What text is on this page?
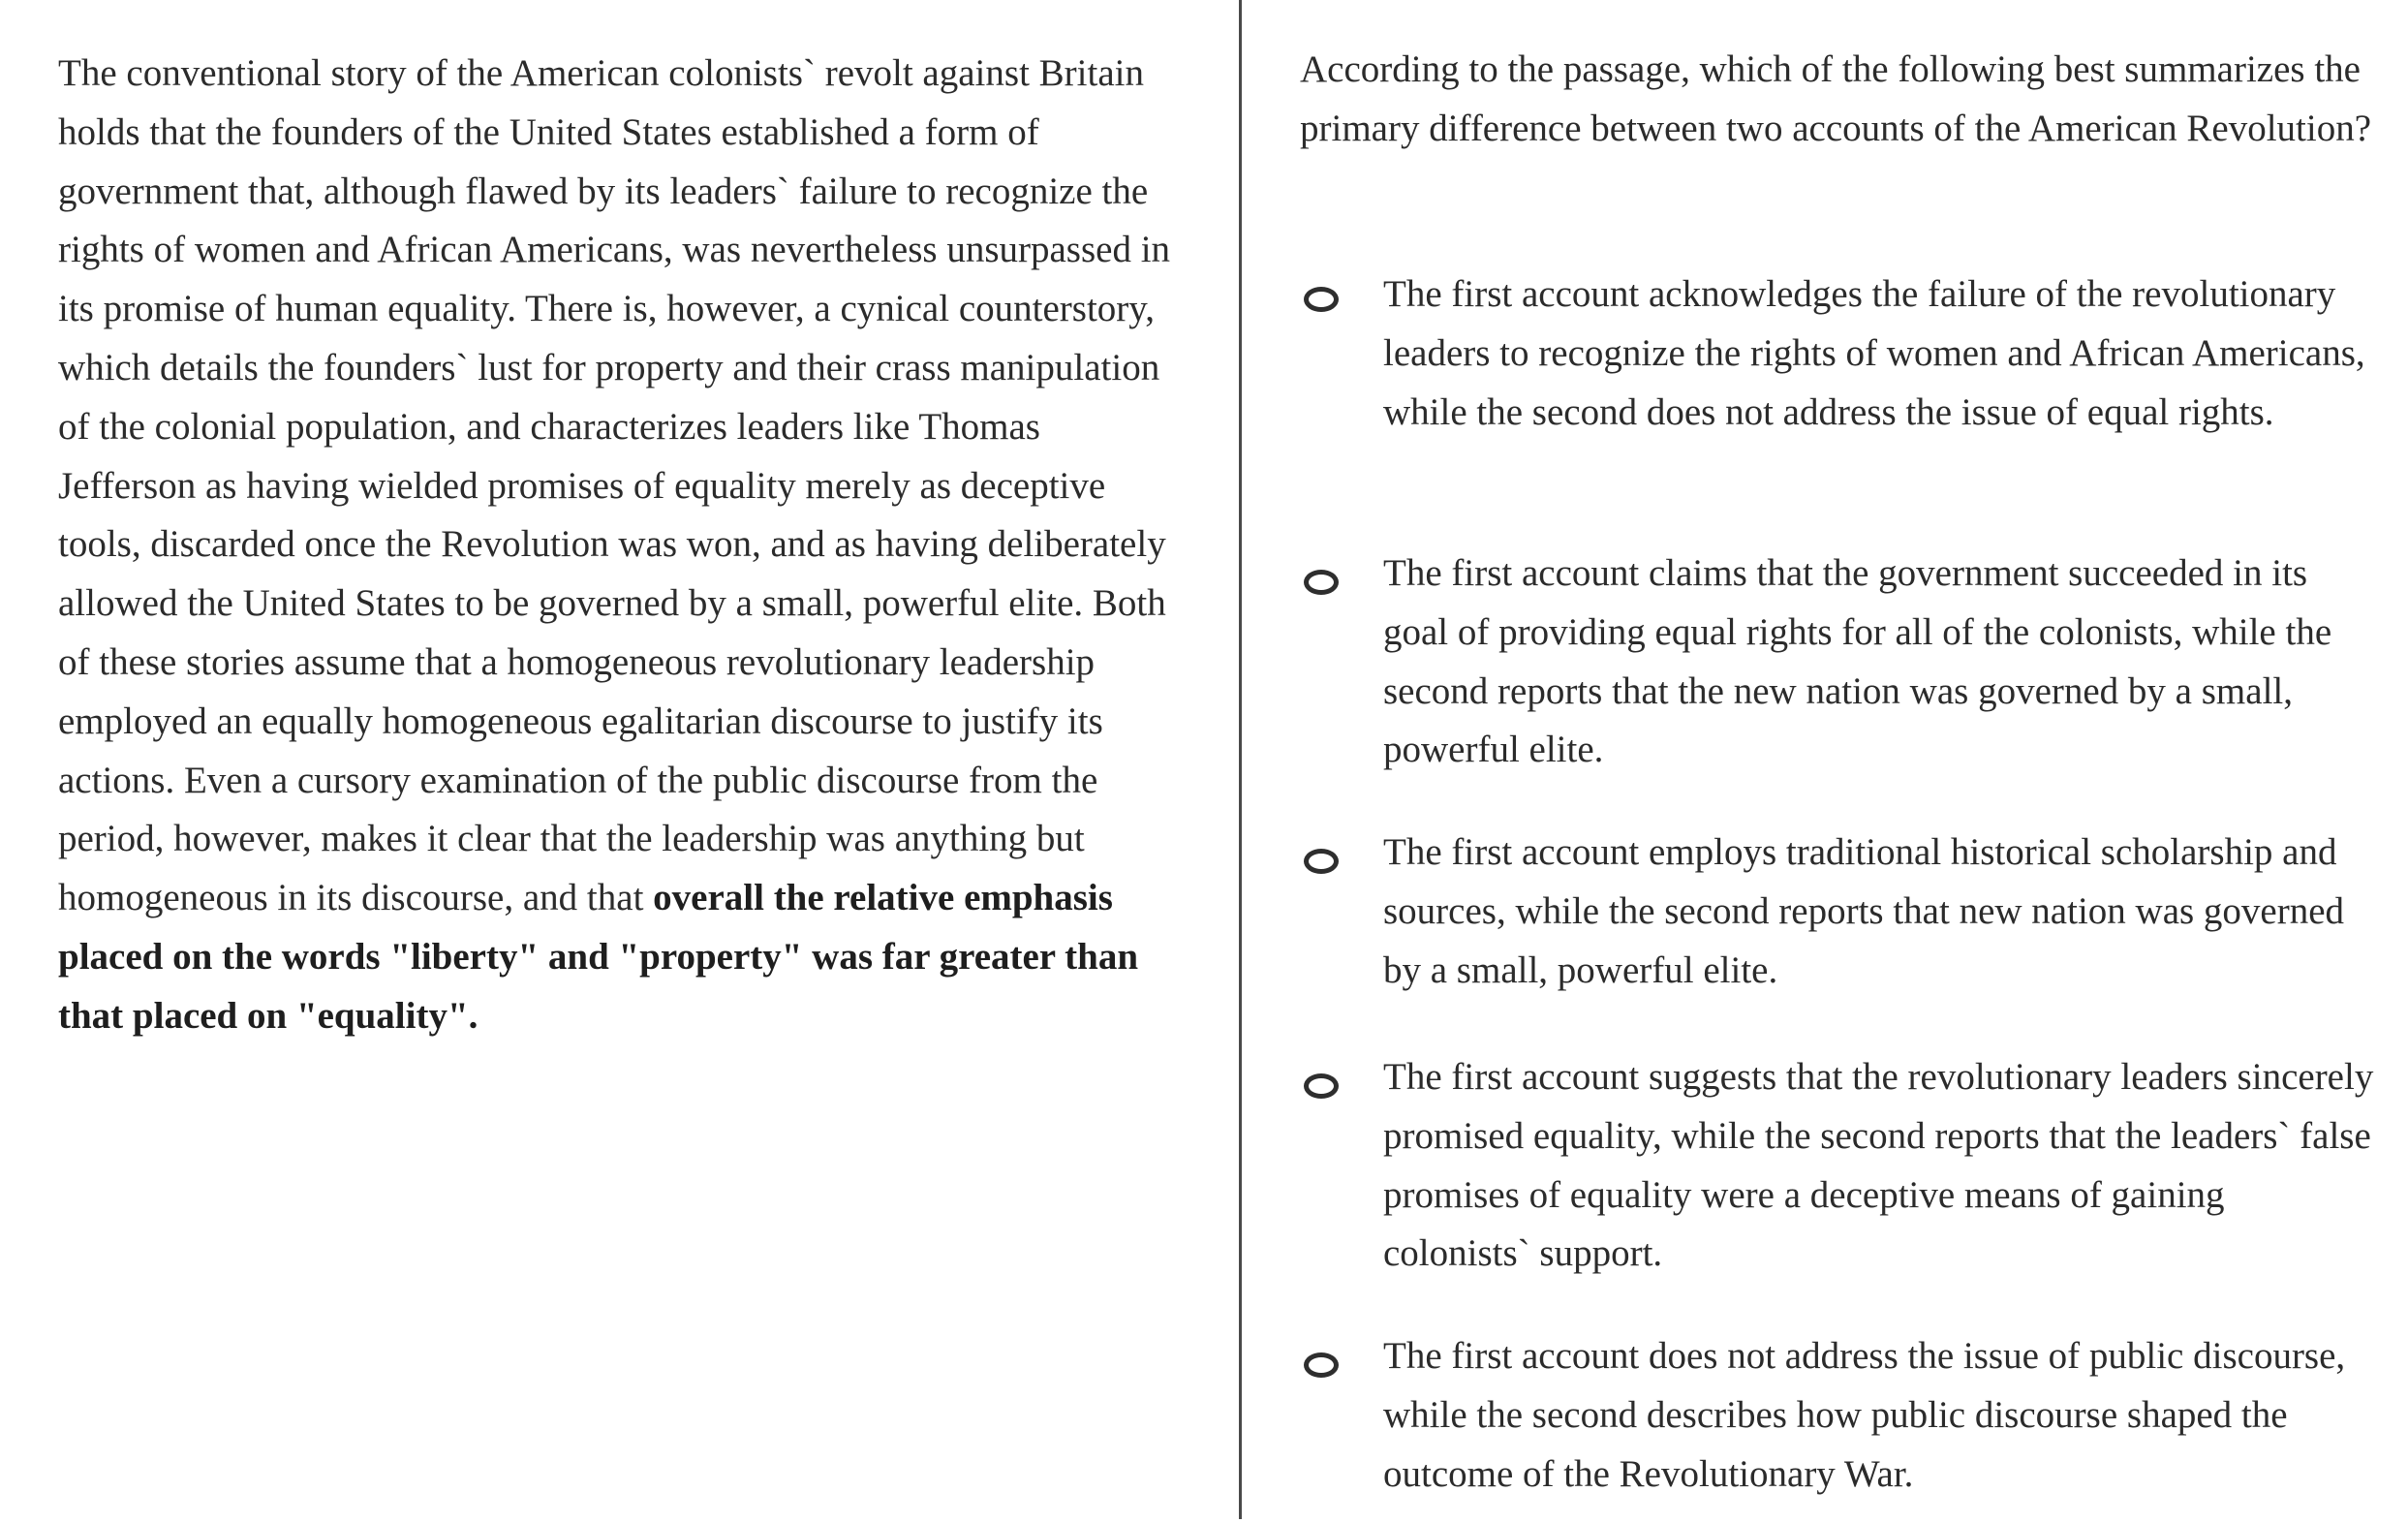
The conventional story of the American colonists` revolt against Britain holds that the founders of the United States established a form of government that, although flawed by its leaders` failure to recognize the rights of women and African Americans, was nevertheless unsurpassed in its promise of human equality. There is, however, a cynical counterstory, which details the founders` lust for property and their crass manipulation of the colonial population, and characterizes leaders like Thomas Jefferson as having wielded promises of equality merely as deceptive tools, discarded once the Revolution was won, and as having deliberately allowed the United States to be governed by a small, powerful elite. Both of these stories assume that a homogeneous revolutionary leadership employed an equally homogeneous egalitarian discourse to justify its actions. Even a cursory examination of the public discourse from the period, however, makes it clear that the leadership was anything but homogeneous in its discourse, and that overall the relative emphasis placed on the words "liberty" and "property" was far greater than that placed on "equality".

According to the passage, which of the following best summarizes the primary difference between two accounts of the American Revolution?

The first account acknowledges the failure of the revolutionary leaders to recognize the rights of women and African Americans, while the second does not address the issue of equal rights.
The first account claims that the government succeeded in its goal of providing equal rights for all of the colonists, while the second reports that the new nation was governed by a small, powerful elite.
The first account employs traditional historical scholarship and sources, while the second reports that new nation was governed by a small, powerful elite.
The first account suggests that the revolutionary leaders sincerely promised equality, while the second reports that the leaders` false promises of equality were a deceptive means of gaining colonists` support.
The first account does not address the issue of public discourse, while the second describes how public discourse shaped the outcome of the Revolutionary War.
